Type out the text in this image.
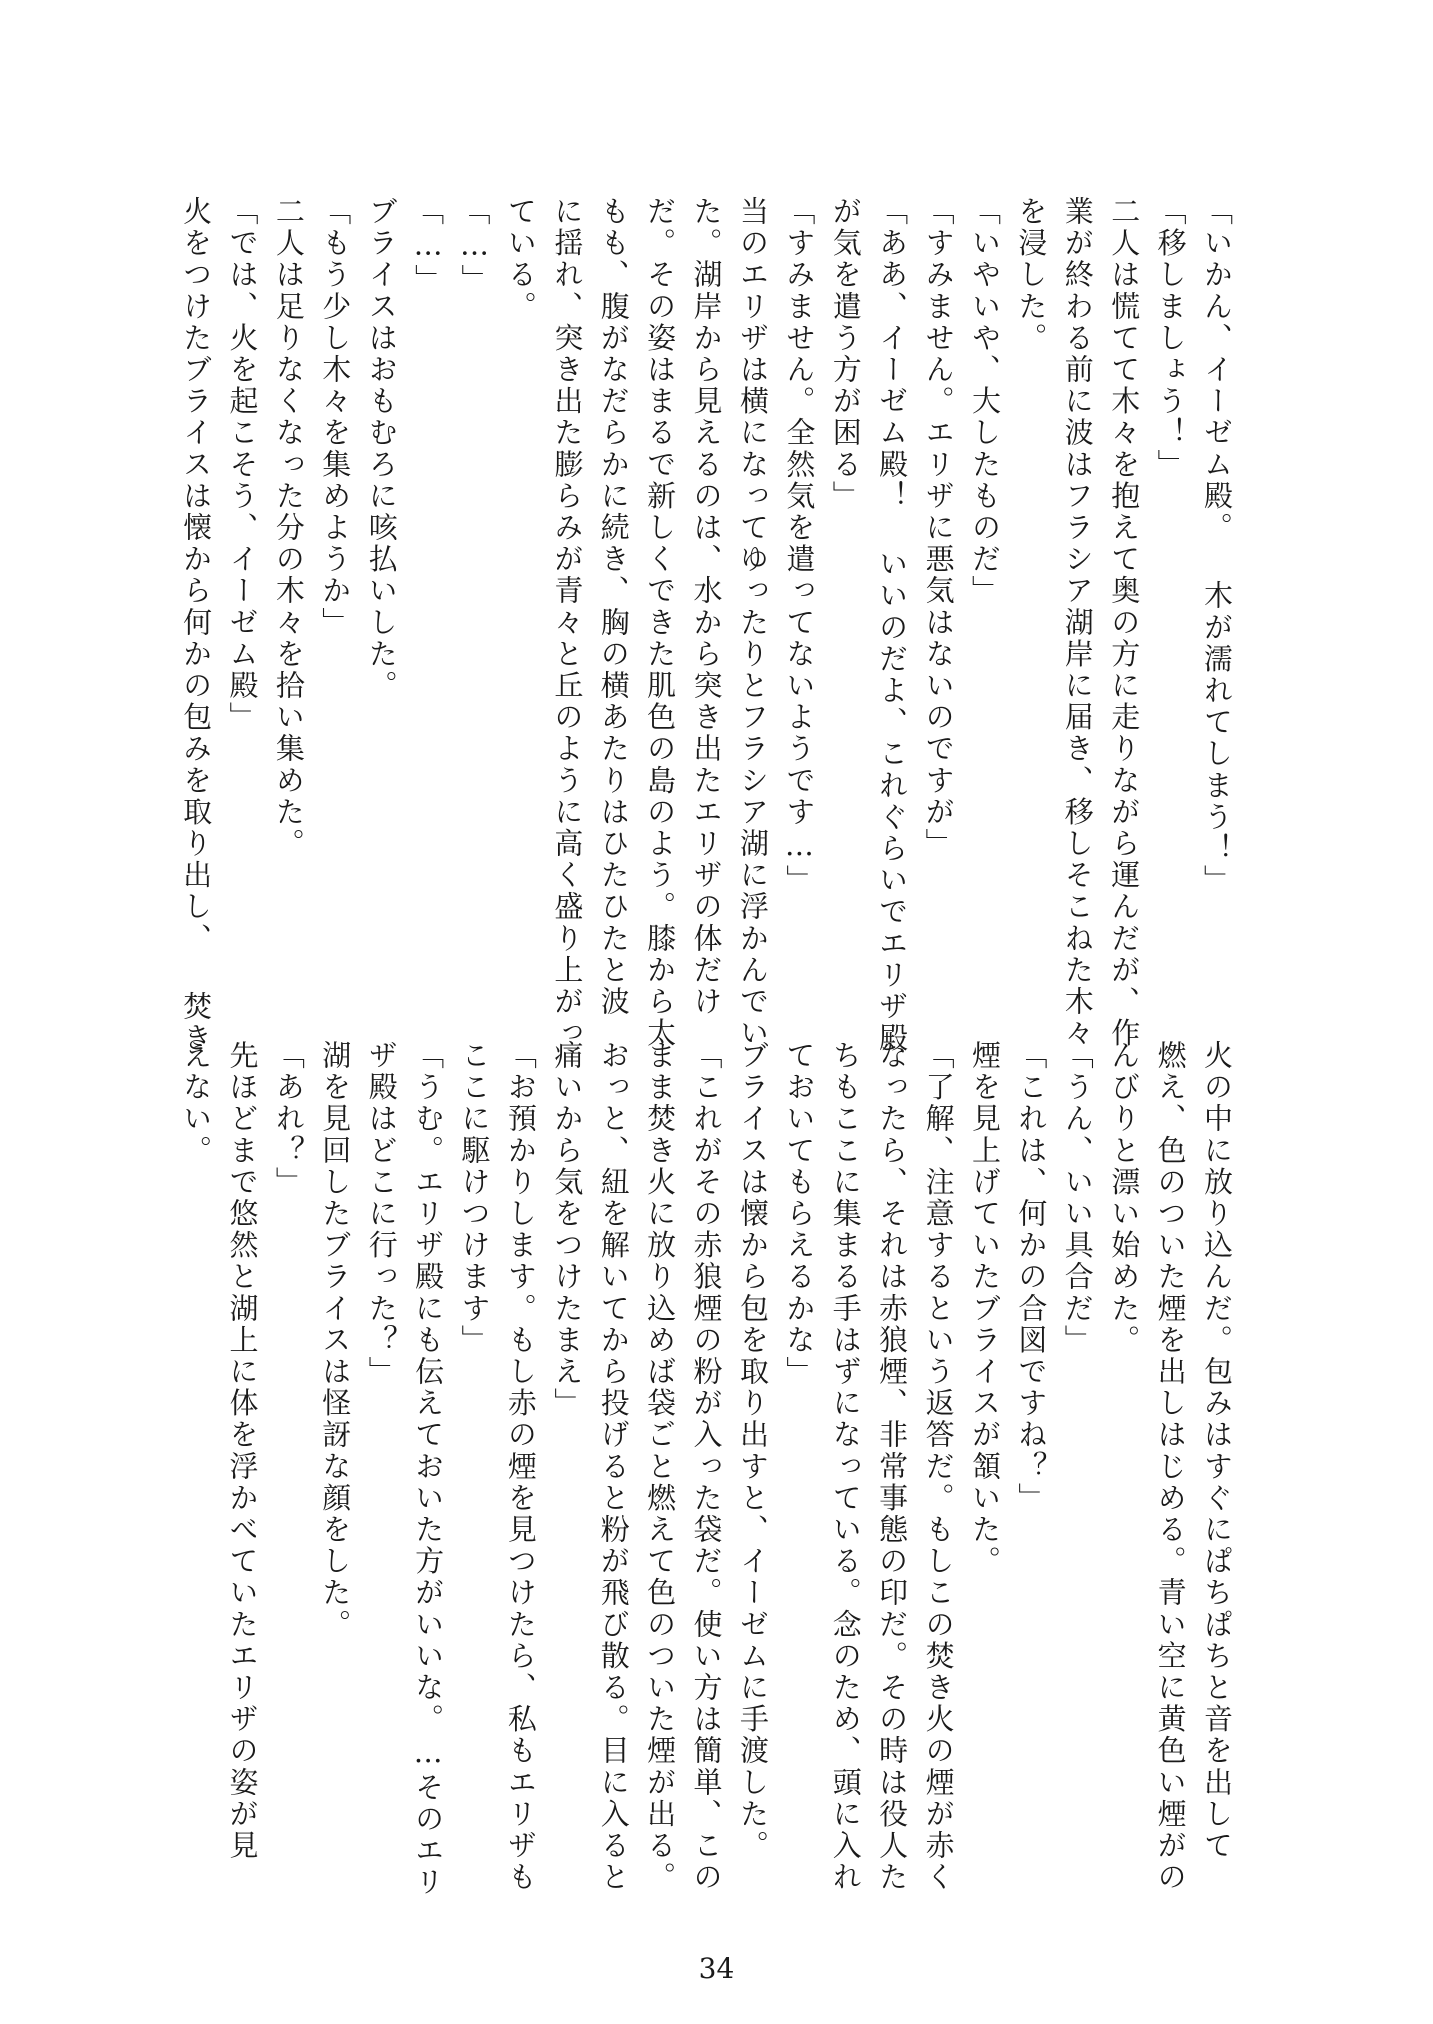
「いかん、イーゼム殿。 木が濡れてしまう！」
「移しましょう！」
二人は慌てて木々を抱えて奥の方に走りながら運んだが、作
業が終わる前に波はフラシア湖岸に届き、移しそこねた木々
を浸した。
「いやいや、大したものだ」
「すみません。エリザに悪気はないのですが」
「ああ、イーゼム殿！ いいのだよ、これぐらいでエリザ殿
が気を遣う方が困る」
「すみません。全然気を遣ってないようです…」
当のエリザは横になってゆったりとフラシア湖に浮かんでい
た。湖岸から見えるのは、水から突き出たエリザの体だけ
だ。その姿はまるで新しくできた肌色の島のよう。膝から太
もも、腹がなだらかに続き、胸の横あたりはひたひたと波
に揺れ、突き出た膨らみが青々と丘のように高く盛り上がっ
ている。
「…」
「…」
ブライスはおもむろに咳払いした。
「もう少し木々を集めようか」
二人は足りなくなった分の木々を拾い集めた。
「では、火を起こそう、イーゼム殿」
火をつけたブライスは懐から何かの包みを取り出し、 焚き
火の中に放り込んだ。包みはすぐにぱちぱちと音を出して
燃え、色のついた煙を出しはじめる。青い空に黄色い煙がの
んびりと漂い始めた。
「うん、いい具合だ」
「これは、何かの合図ですね？」
煙を見上げていたブライスが頷いた。
「了解、注意するという返答だ。もしこの焚き火の煙が赤く
なったら、それは赤狼煙、非常事態の印だ。その時は役人た
ちもここに集まる手はずになっている。念のため、頭に入れ
ておいてもらえるかな」
ブライスは懐から包を取り出すと、イーゼムに手渡した。
「これがその赤狼煙の粉が入った袋だ。使い方は簡単、この
まま焚き火に放り込めば袋ごと燃えて色のついた煙が出る。
おっと、紐を解いてから投げると粉が飛び散る。目に入ると
痛いから気をつけたまえ」
「お預かりします。もし赤の煙を見つけたら、私もエリザも
ここに駆けつけます」
「うむ。エリザ殿にも伝えておいた方がいいな。…そのエリ
ザ殿はどこに行った？」
湖を見回したブライスは怪訝な顔をした。
「あれ？」
先ほどまで悠然と湖上に体を浮かべていたエリザの姿が見
えない。
34
